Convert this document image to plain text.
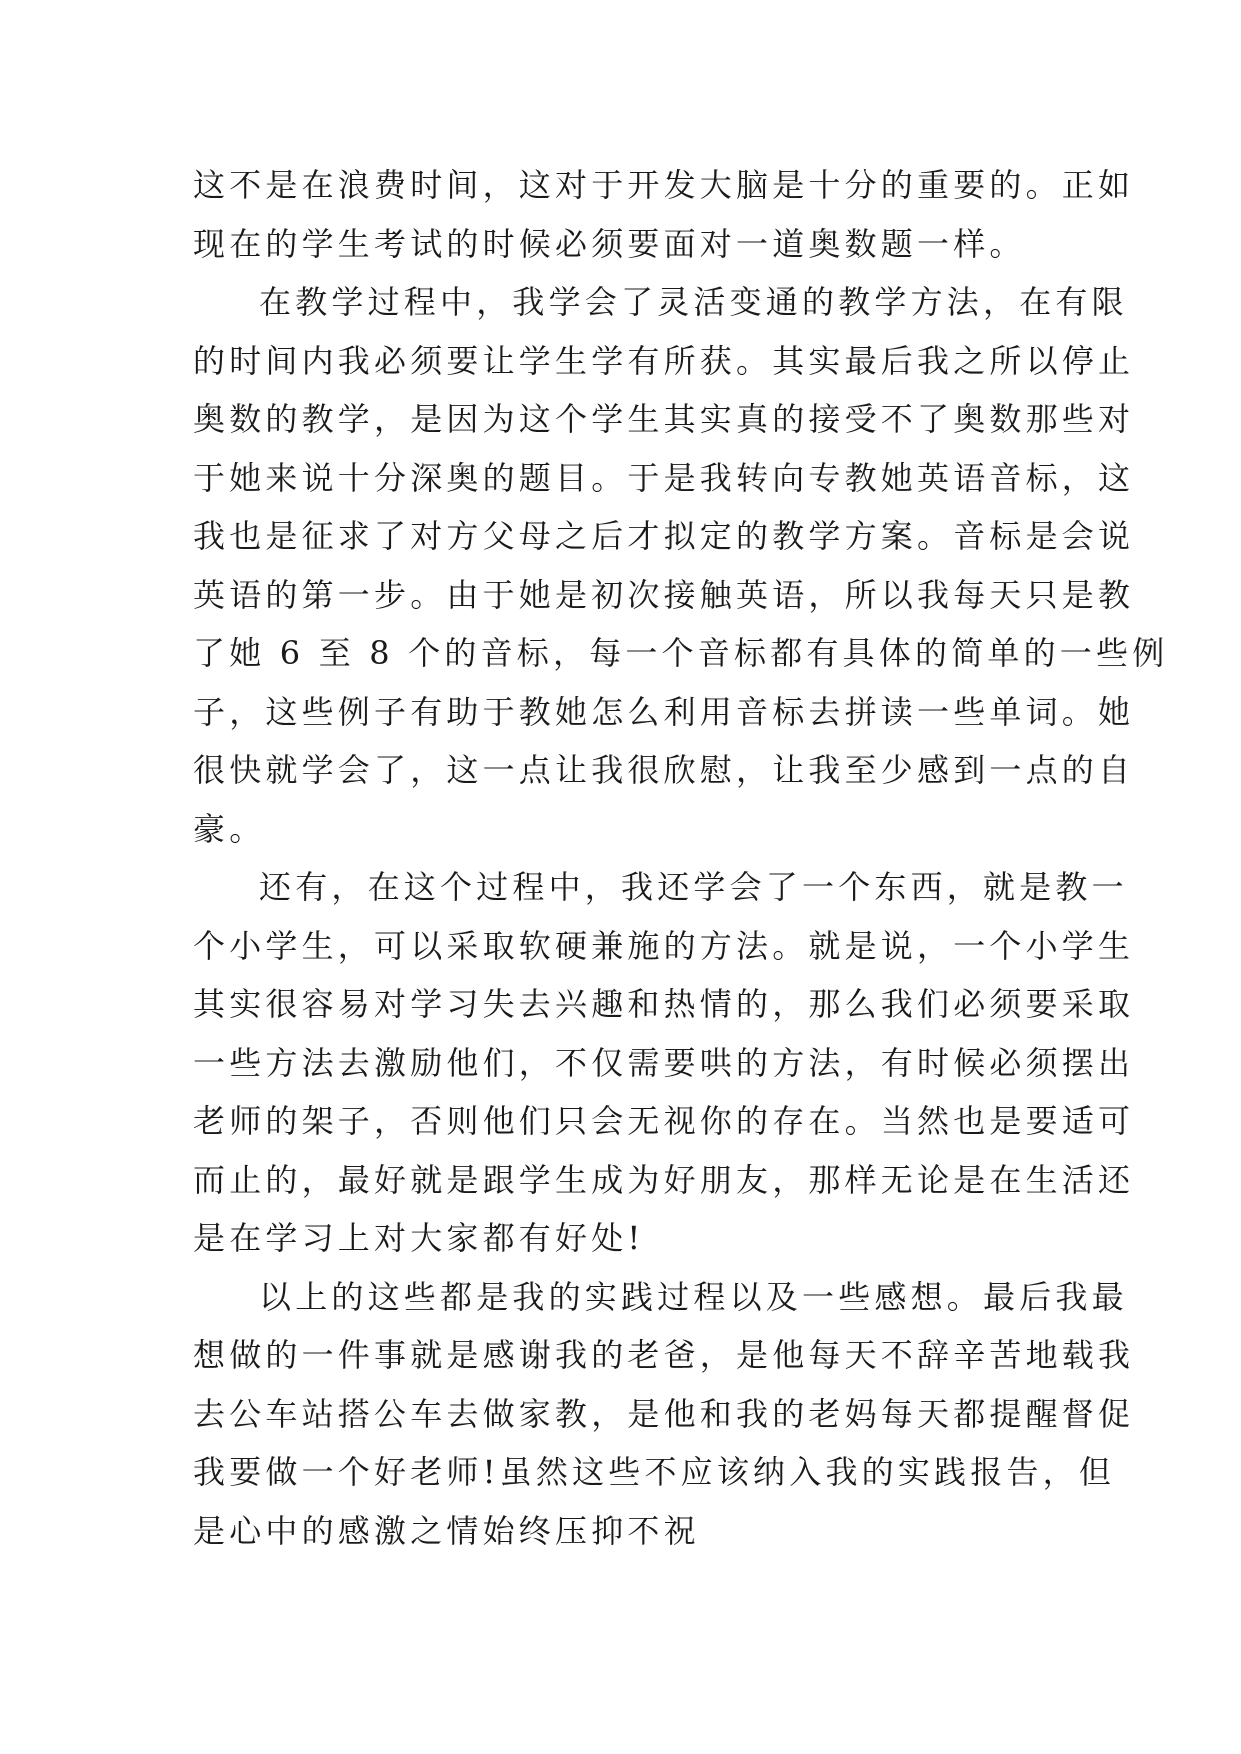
这不是在浪费时间，这对于开发大脑是十分的重要的。正如
现在的学生考试的时候必须要面对一道奥数题一样。
在教学过程中，我学会了灵活变通的教学方法，在有限
的时间内我必须要让学生学有所获。其实最后我之所以停止
奥数的教学，是因为这个学生其实真的接受不了奥数那些对
于她来说十分深奥的题目。于是我转向专教她英语音标，这
我也是征求了对方父母之后才拟定的教学方案。音标是会说
英语的第一步。由于她是初次接触英语，所以我每天只是教
了她 6 至 8 个的音标，每一个音标都有具体的简单的一些例
子，这些例子有助于教她怎么利用音标去拼读一些单词。她
很快就学会了，这一点让我很欣慰，让我至少感到一点的自
豪。
还有，在这个过程中，我还学会了一个东西，就是教一
个小学生，可以采取软硬兼施的方法。就是说，一个小学生
其实很容易对学习失去兴趣和热情的，那么我们必须要采取
一些方法去激励他们，不仅需要哄的方法，有时候必须摆出
老师的架子，否则他们只会无视你的存在。当然也是要适可
而止的，最好就是跟学生成为好朋友，那样无论是在生活还
是在学习上对大家都有好处!
以上的这些都是我的实践过程以及一些感想。最后我最
想做的一件事就是感谢我的老爸，是他每天不辞辛苦地载我
去公车站搭公车去做家教，是他和我的老妈每天都提醒督促
我要做一个好老师!虽然这些不应该纳入我的实践报告，但
是心中的感激之情始终压抑不祝
